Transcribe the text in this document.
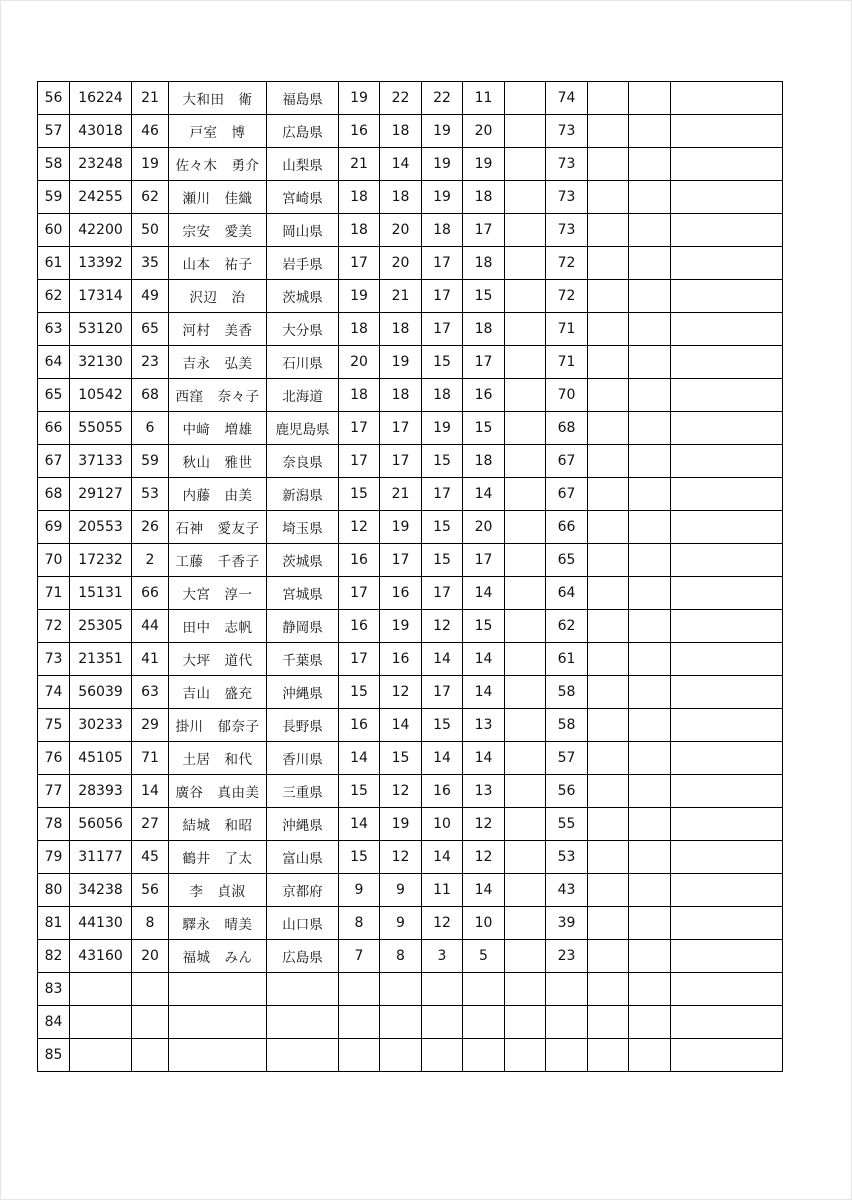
56	16224	21	大和田　衛	福島県	19	22	22	11		74			
57	43018	46	戸室　博	広島県	16	18	19	20		73			
58	23248	19	佐々木　勇介	山梨県	21	14	19	19		73			
59	24255	62	瀬川　佳織	宮崎県	18	18	19	18		73			
60	42200	50	宗安　愛美	岡山県	18	20	18	17		73			
61	13392	35	山本　祐子	岩手県	17	20	17	18		72			
62	17314	49	沢辺　治	茨城県	19	21	17	15		72			
63	53120	65	河村　美香	大分県	18	18	17	18		71			
64	32130	23	吉永　弘美	石川県	20	19	15	17		71			
65	10542	68	西窪　奈々子	北海道	18	18	18	16		70			
66	55055	6	中﨑　増雄	鹿児島県	17	17	19	15		68			
67	37133	59	秋山　雅世	奈良県	17	17	15	18		67			
68	29127	53	内藤　由美	新潟県	15	21	17	14		67			
69	20553	26	石神　愛友子	埼玉県	12	19	15	20		66			
70	17232	2	工藤　千香子	茨城県	16	17	15	17		65			
71	15131	66	大宮　淳一	宮城県	17	16	17	14		64			
72	25305	44	田中　志帆	静岡県	16	19	12	15		62			
73	21351	41	大坪　道代	千葉県	17	16	14	14		61			
74	56039	63	吉山　盛充	沖縄県	15	12	17	14		58			
75	30233	29	掛川　郁奈子	長野県	16	14	15	13		58			
76	45105	71	土居　和代	香川県	14	15	14	14		57			
77	28393	14	廣谷　真由美	三重県	15	12	16	13		56			
78	56056	27	結城　和昭	沖縄県	14	19	10	12		55			
79	31177	45	鶴井　了太	富山県	15	12	14	12		53			
80	34238	56	李　貞淑	京都府	9	9	11	14		43			
81	44130	8	驛永　晴美	山口県	8	9	12	10		39			
82	43160	20	福城　みん	広島県	7	8	3	5		23			
83													
84													
85													
